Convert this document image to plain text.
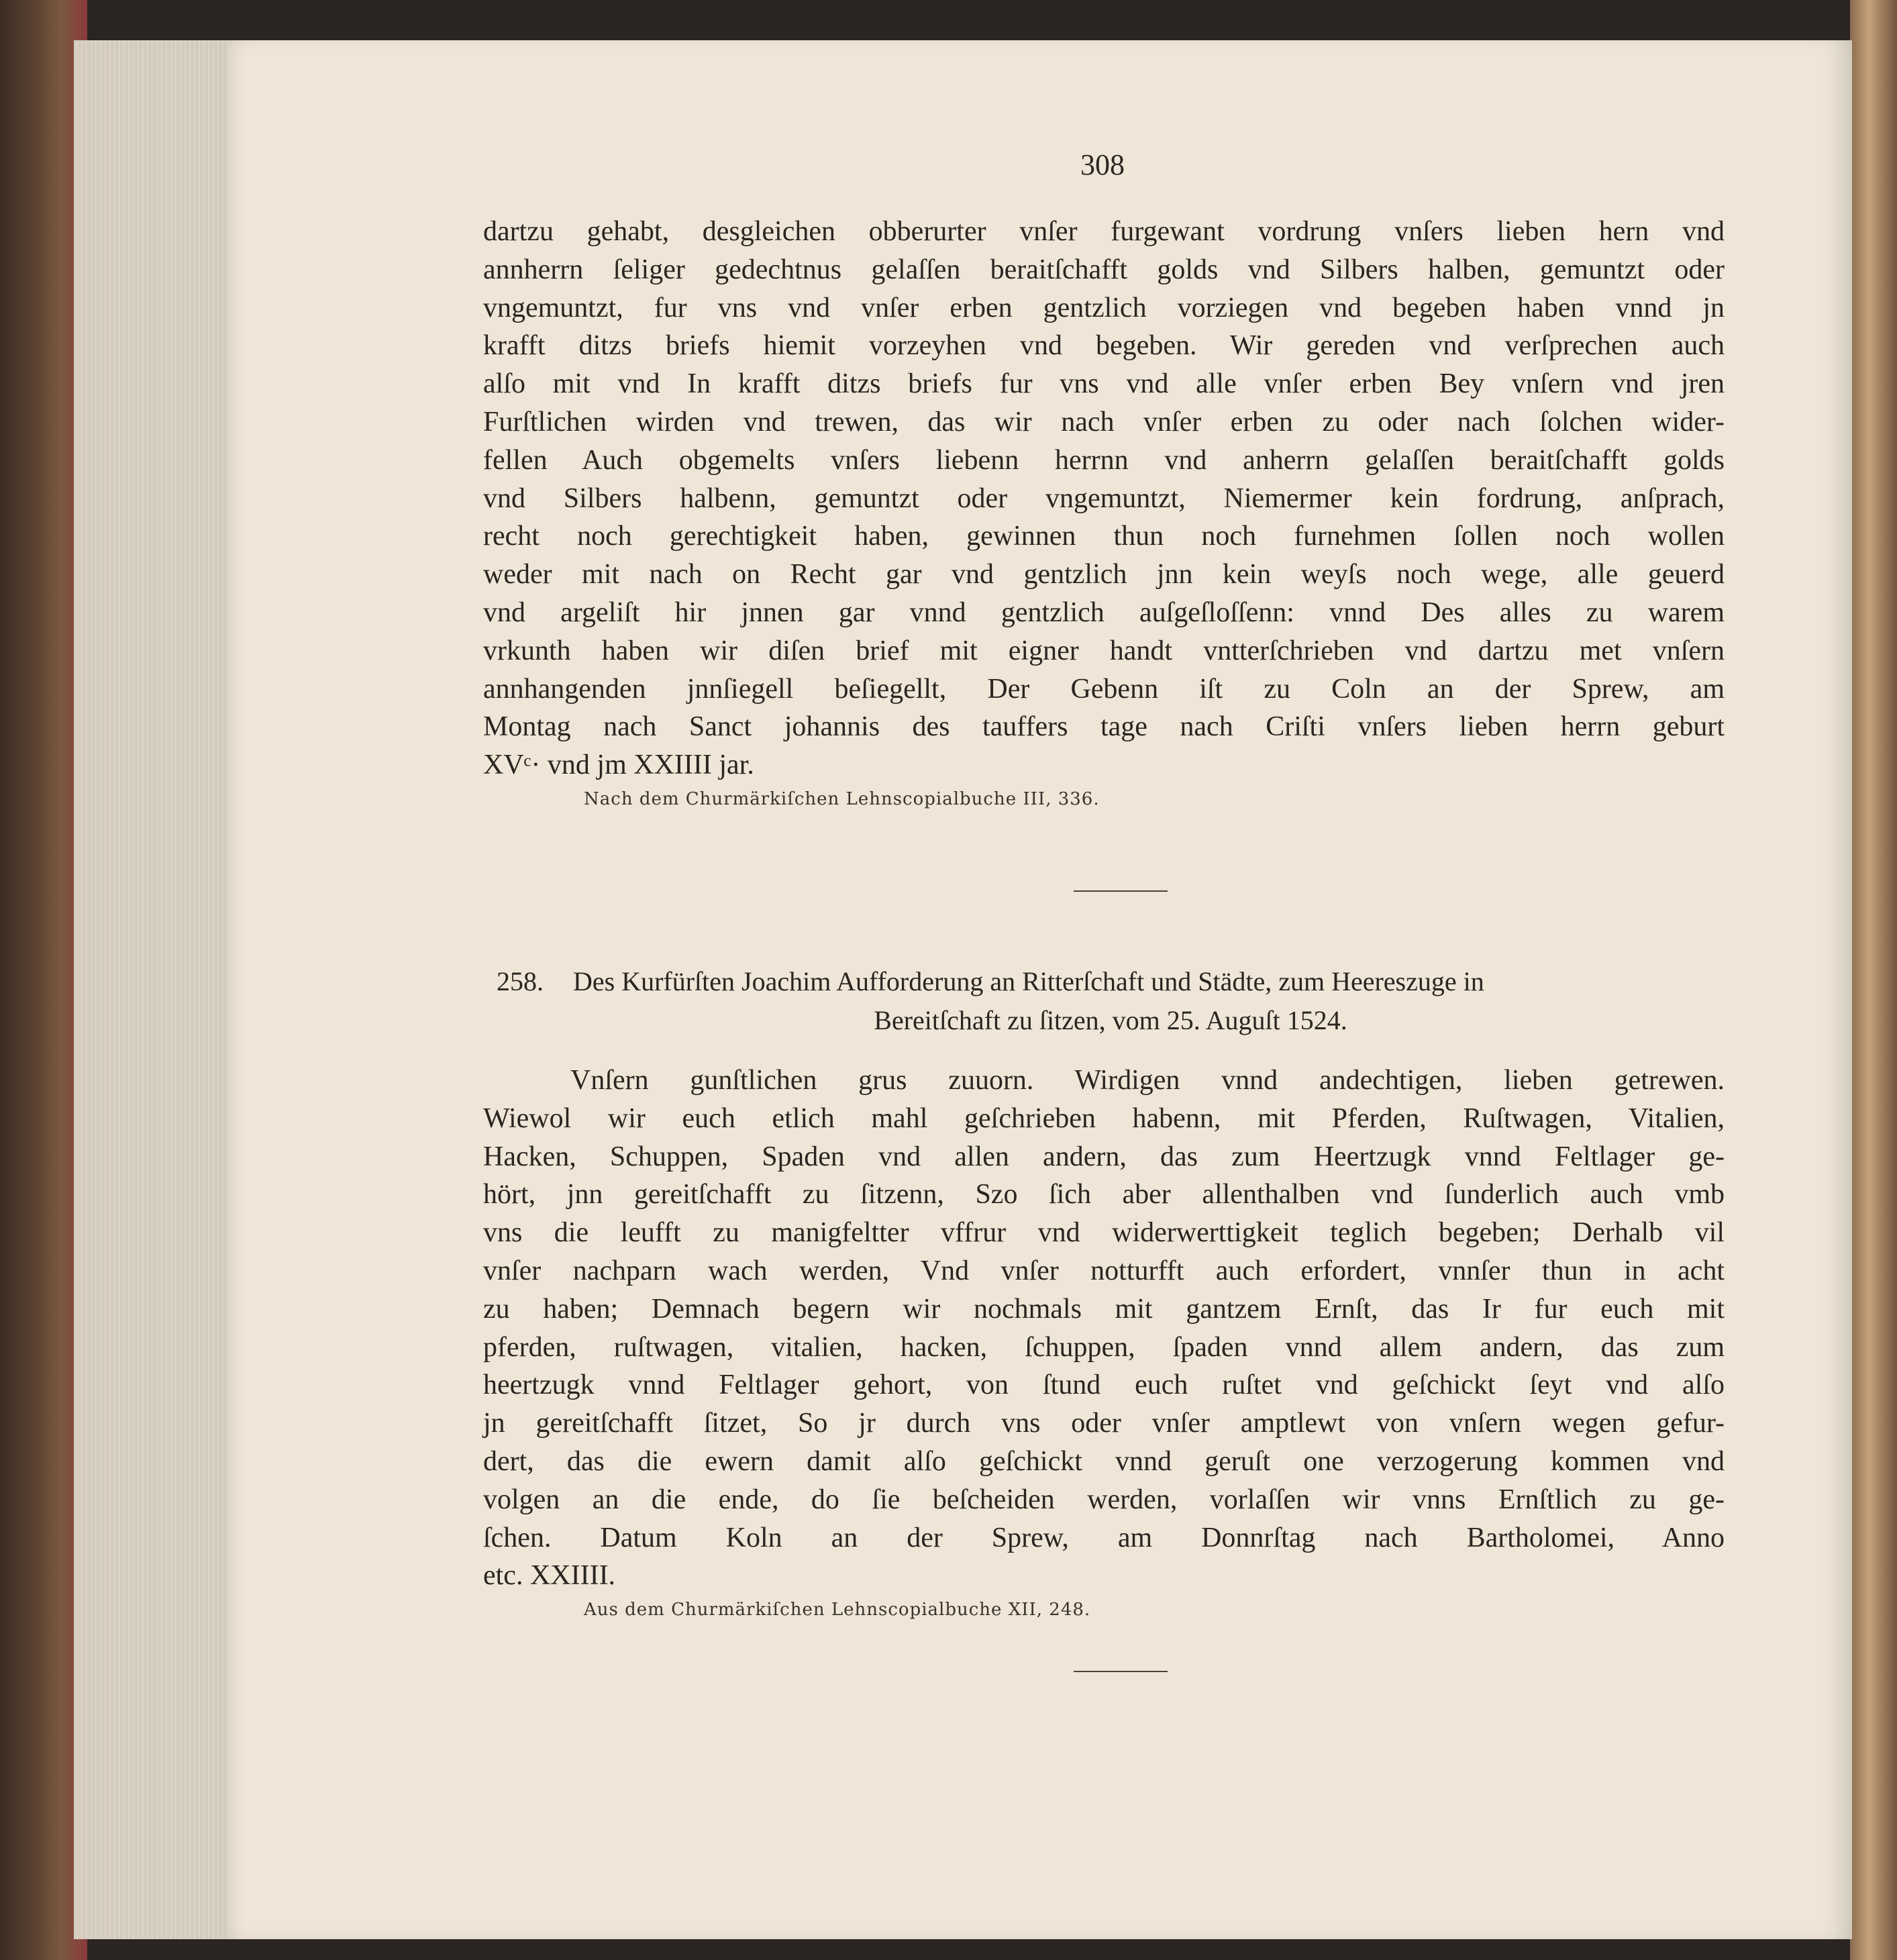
308
dartzu gehabt, desgleichen obberurter vnſer furgewant vordrung vnſers lieben hern vnd
annherrn ſeliger gedechtnus gelaſſen beraitſchafft golds vnd Silbers halben, gemuntzt oder
vngemuntzt, fur vns vnd vnſer erben gentzlich vorziegen vnd begeben haben vnnd jn
krafft ditzs briefs hiemit vorzeyhen vnd begeben. Wir gereden vnd verſprechen auch
alſo mit vnd In krafft ditzs briefs fur vns vnd alle vnſer erben Bey vnſern vnd jren
Furſtlichen wirden vnd trewen, das wir nach vnſer erben zu oder nach ſolchen wider-
fellen Auch obgemelts vnſers liebenn herrnn vnd anherrn gelaſſen beraitſchafft golds
vnd Silbers halbenn, gemuntzt oder vngemuntzt, Niemermer kein fordrung, anſprach,
recht noch gerechtigkeit haben, gewinnen thun noch furnehmen ſollen noch wollen
weder mit nach on Recht gar vnd gentzlich jnn kein weyſs noch wege, alle geuerd
vnd argeliſt hir jnnen gar vnnd gentzlich auſgeſloſſenn: vnnd Des alles zu warem
vrkunth haben wir diſen brief mit eigner handt vntterſchrieben vnd dartzu met vnſern
annhangenden jnnſiegell beſiegellt, Der Gebenn iſt zu Coln an der Sprew, am
Montag nach Sanct johannis des tauffers tage nach Criſti vnſers lieben herrn geburt
XVᶜ· vnd jm XXIIII jar.
Nach dem Churmärkiſchen Lehnscopialbuche III, 336.
258. Des Kurfürſten Joachim Aufforderung an Ritterſchaft und Städte, zum Heereszuge in
Bereitſchaft zu ſitzen, vom 25. Auguſt 1524.
Vnſern gunſtlichen grus zuuorn. Wirdigen vnnd andechtigen, lieben getrewen.
Wiewol wir euch etlich mahl geſchrieben habenn, mit Pferden, Ruſtwagen, Vitalien,
Hacken, Schuppen, Spaden vnd allen andern, das zum Heertzugk vnnd Feltlager ge-
hört, jnn gereitſchafft zu ſitzenn, Szo ſich aber allenthalben vnd ſunderlich auch vmb
vns die leufft zu manigfeltter vffrur vnd widerwerttigkeit teglich begeben; Derhalb vil
vnſer nachparn wach werden, Vnd vnſer notturfft auch erfordert, vnnſer thun in acht
zu haben; Demnach begern wir nochmals mit gantzem Ernſt, das Ir fur euch mit
pferden, ruſtwagen, vitalien, hacken, ſchuppen, ſpaden vnnd allem andern, das zum
heertzugk vnnd Feltlager gehort, von ſtund euch ruſtet vnd geſchickt ſeyt vnd alſo
jn gereitſchafft ſitzet, So jr durch vns oder vnſer amptlewt von vnſern wegen gefur-
dert, das die ewern damit alſo geſchickt vnnd geruſt one verzogerung kommen vnd
volgen an die ende, do ſie beſcheiden werden, vorlaſſen wir vnns Ernſtlich zu ge-
ſchen. Datum Koln an der Sprew, am Donnrſtag nach Bartholomei, Anno
etc. XXIIII.
Aus dem Churmärkiſchen Lehnscopialbuche XII, 248.
